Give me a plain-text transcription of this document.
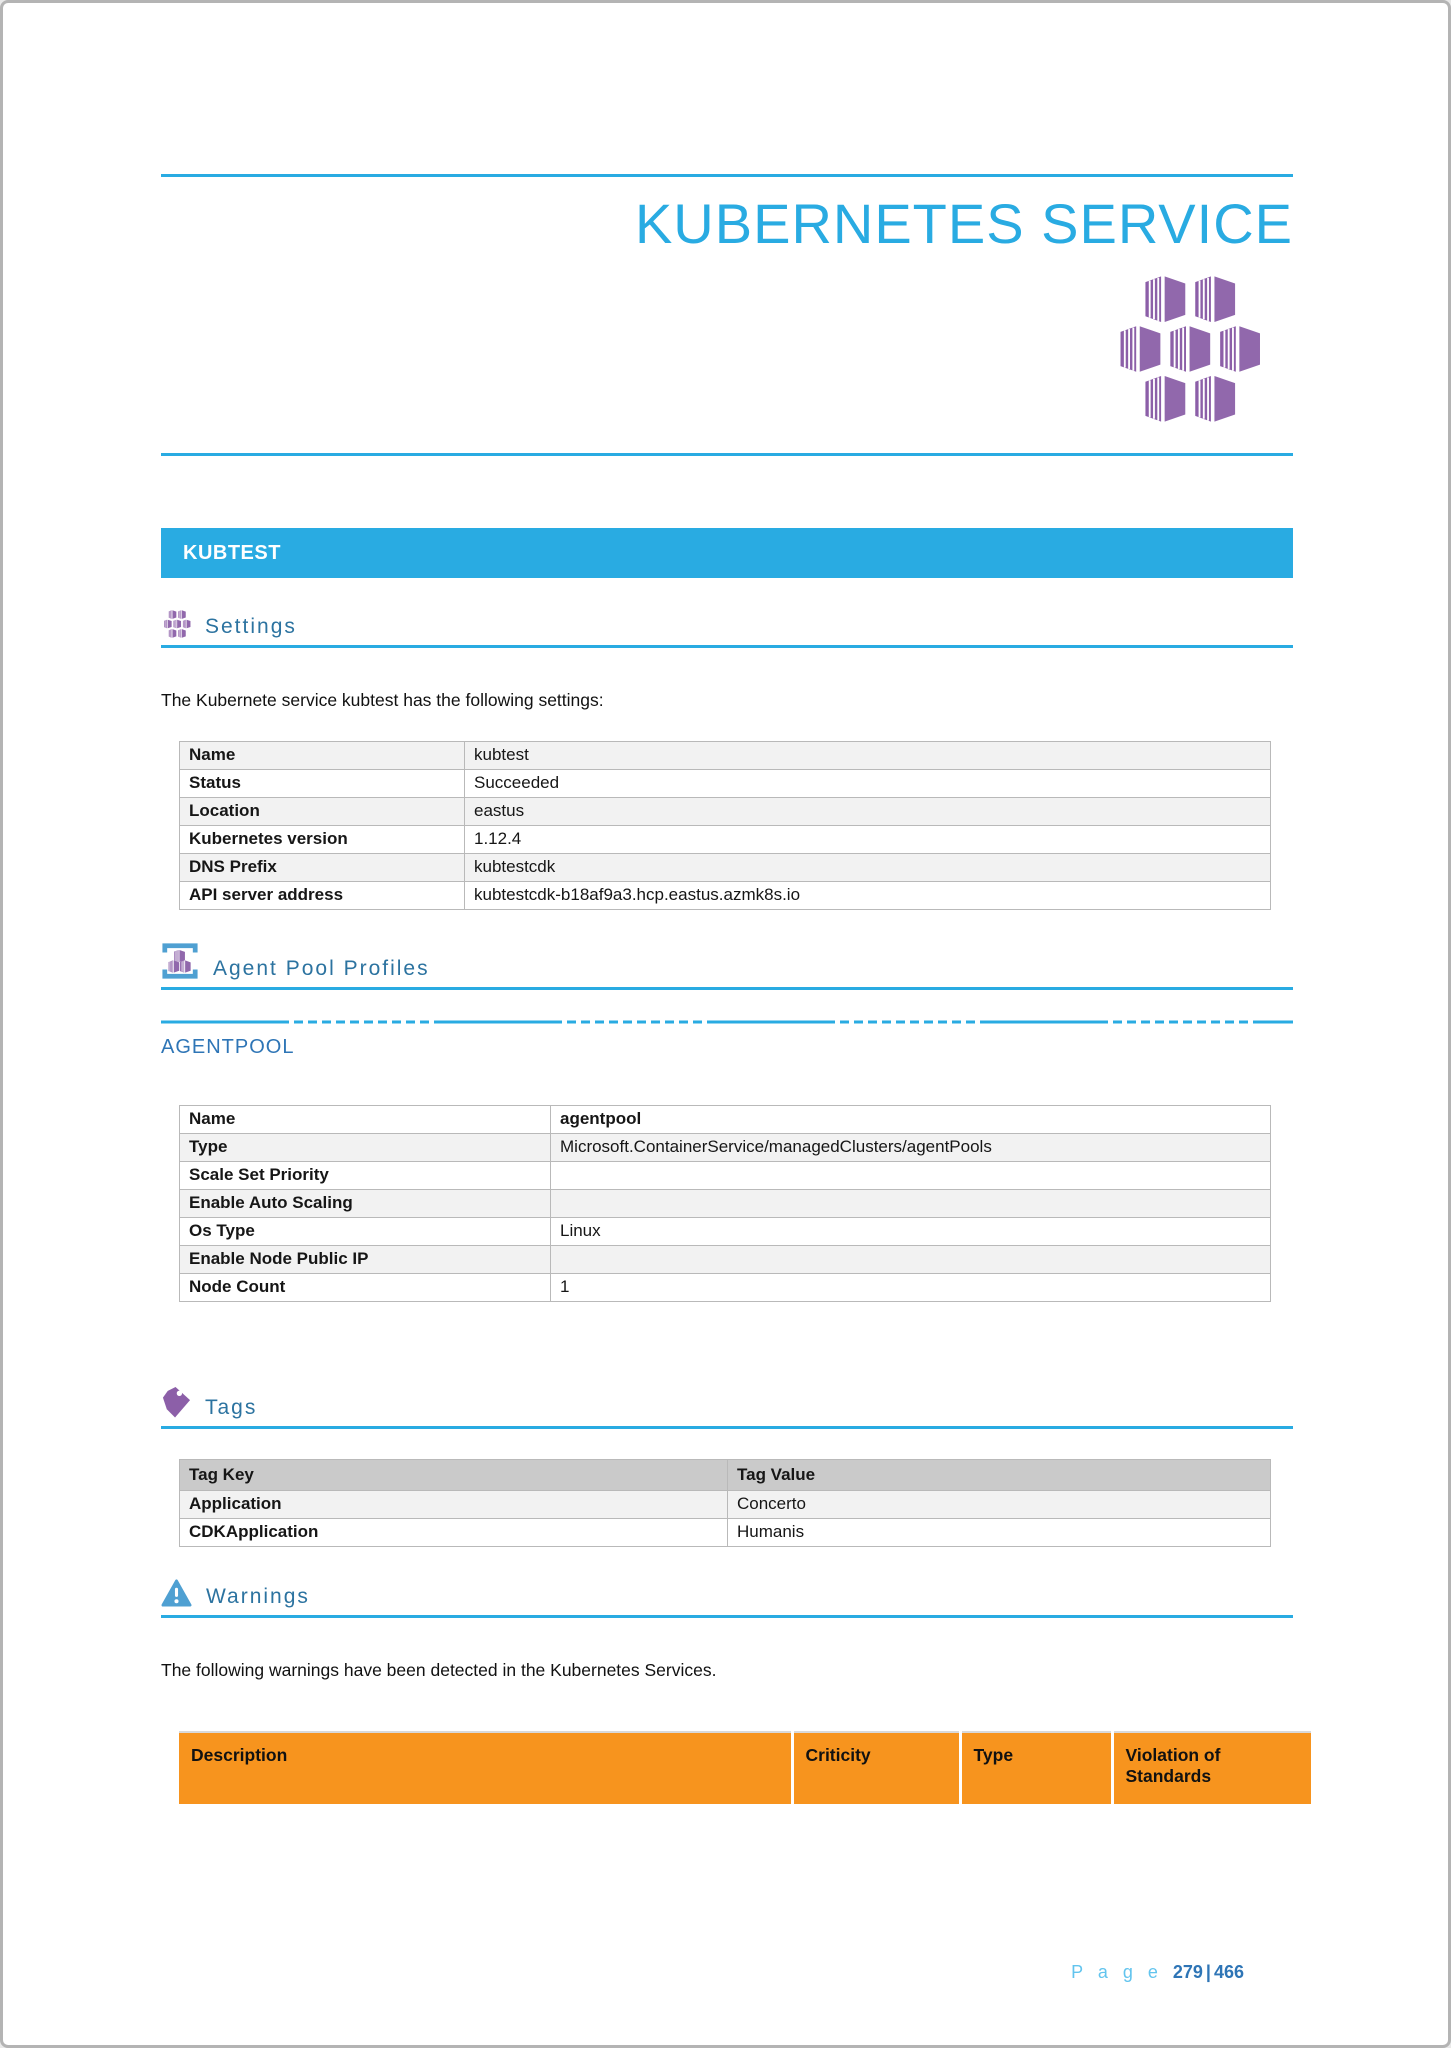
KUBERNETES SERVICE
KUBTEST
Settings

The Kubernete service kubtest has the following settings:

Name	kubtest
Status	Succeeded
Location	eastus
Kubernetes version	1.12.4
DNS Prefix	kubtestcdk
API server address	kubtestcdk-b18af9a3.hcp.eastus.azmk8s.io
Agent Pool Profiles
AGENTPOOL
Name	agentpool
Type	Microsoft.ContainerService/managedClusters/agentPools
Scale Set Priority	
Enable Auto Scaling	
Os Type	Linux
Enable Node Public IP	
Node Count	1
Tags
Tag Key	Tag Value
Application	Concerto
CDKApplication	Humanis
Warnings

The following warnings have been detected in the Kubernetes Services.

Description	Criticity	Type	Violation of Standards
P a g e 279 | 466
